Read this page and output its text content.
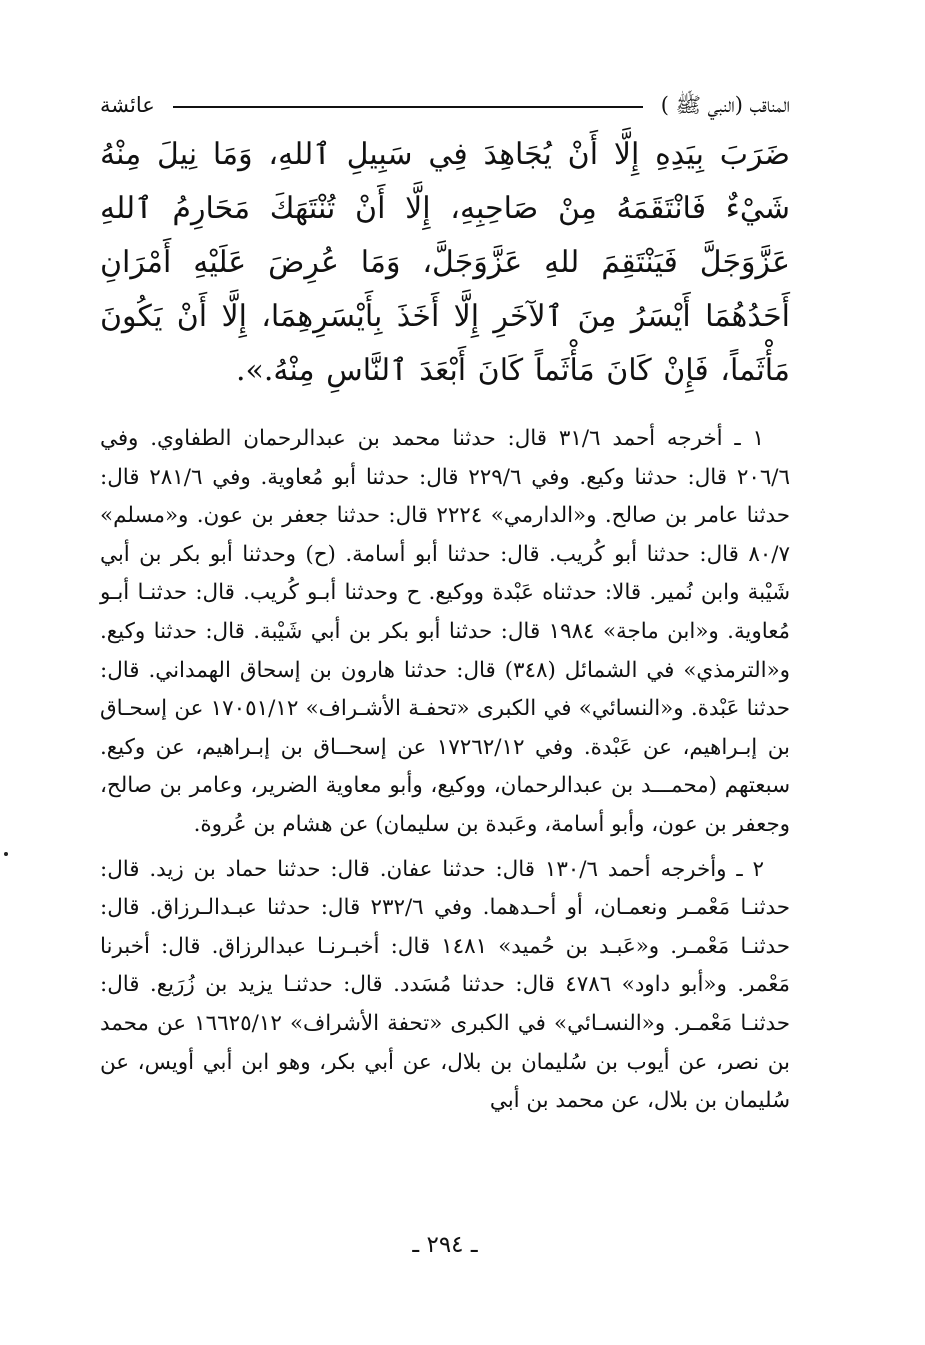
المناقب (النبي ﷺ )
عائشة
ضَرَبَ بِيَدِهِ إِلَّا أَنْ يُجَاهِدَ فِي سَبِيلِ ٱللهِ، وَمَا نِيلَ مِنْهُ شَيْءٌ فَانْتَقَمَهُ مِنْ صَاحِبِهِ، إِلَّا أَنْ تُنْتَهَكَ مَحَارِمُ ٱللهِ عَزَّوَجَلَّ فَيَنْتَقِمَ للهِ عَزَّوَجَلَّ، وَمَا عُرِضَ عَلَيْهِ أَمْرَانِ أَحَدُهُمَا أَيْسَرُ مِنَ ٱلآخَرِ إِلَّا أَخَذَ بِأَيْسَرِهِمَا، إِلَّا أَنْ يَكُونَ مَأْثَماً، فَإِنْ كَانَ مَأْثَماً كَانَ أَبْعَدَ ٱلنَّاسِ مِنْهُ.».

١ ـ أخرجه أحمد ٣١/٦ قال: حدثنا محمد بن عبدالرحمان الطفاوي. وفي ٢٠٦/٦ قال: حدثنا وكيع. وفي ٢٢٩/٦ قال: حدثنا أبو مُعاوية. وفي ٢٨١/٦ قال: حدثنا عامر بن صالح. و«الدارمي» ٢٢٢٤ قال: حدثنا جعفر بن عون. و«مسلم» ٨٠/٧ قال: حدثنا أبو كُريب. قال: حدثنا أبو أسامة. (ح) وحدثنا أبو بكر بن أبي شَيْبة وابن نُمير. قالا: حدثناه عَبْدة ووكيع. ح وحدثنا أبـو كُريب. قال: حدثنـا أبـو مُعاوية. و«ابن ماجة» ١٩٨٤ قال: حدثنا أبو بكر بن أبي شَيْبة. قال: حدثنا وكيع. و«الترمذي» في الشمائل (٣٤٨) قال: حدثنا هارون بن إسحاق الهمداني. قال: حدثنا عَبْدة. و«النسائي» في الكبرى «تحفـة الأشـراف» ١٧٠٥١/١٢ عن إسحـاق بن إبـراهيم، عن عَبْدة. وفي ١٧٢٦٢/١٢ عن إسحــاق بن إبـراهيم، عن وكيع. سبعتهم (محمـــد بن عبدالرحمان، ووكيع، وأبو معاوية الضرير، وعامر بن صالح، وجعفر بن عون، وأبو أسامة، وعَبدة بن سليمان) عن هشام بن عُروة.

٢ ـ وأخرجه أحمد ١٣٠/٦ قال: حدثنا عفان. قال: حدثنا حماد بن زيد. قال: حدثنـا مَعْمـر ونعمـان، أو أحـدهما. وفي ٢٣٢/٦ قال: حدثنا عبـدالـرزاق. قال: حدثنـا مَعْمـر. و«عَبـد بن حُميد» ١٤٨١ قال: أخبـرنـا عبدالرزاق. قال: أخبرنا مَعْمر. و«أبو داود» ٤٧٨٦ قال: حدثنا مُسَدد. قال: حدثنـا يزيد بن زُرَيع. قال: حدثنـا مَعْمـر. و«النسـائي» في الكبرى «تحفة الأشراف» ١٦٦٢٥/١٢ عن محمد بن نصر، عن أيوب بن سُليمان بن بلال، عن أبي بكر، وهو ابن أبي أويس، عن سُليمان بن بلال، عن محمد بن أبي

ـ ٢٩٤ ـ
